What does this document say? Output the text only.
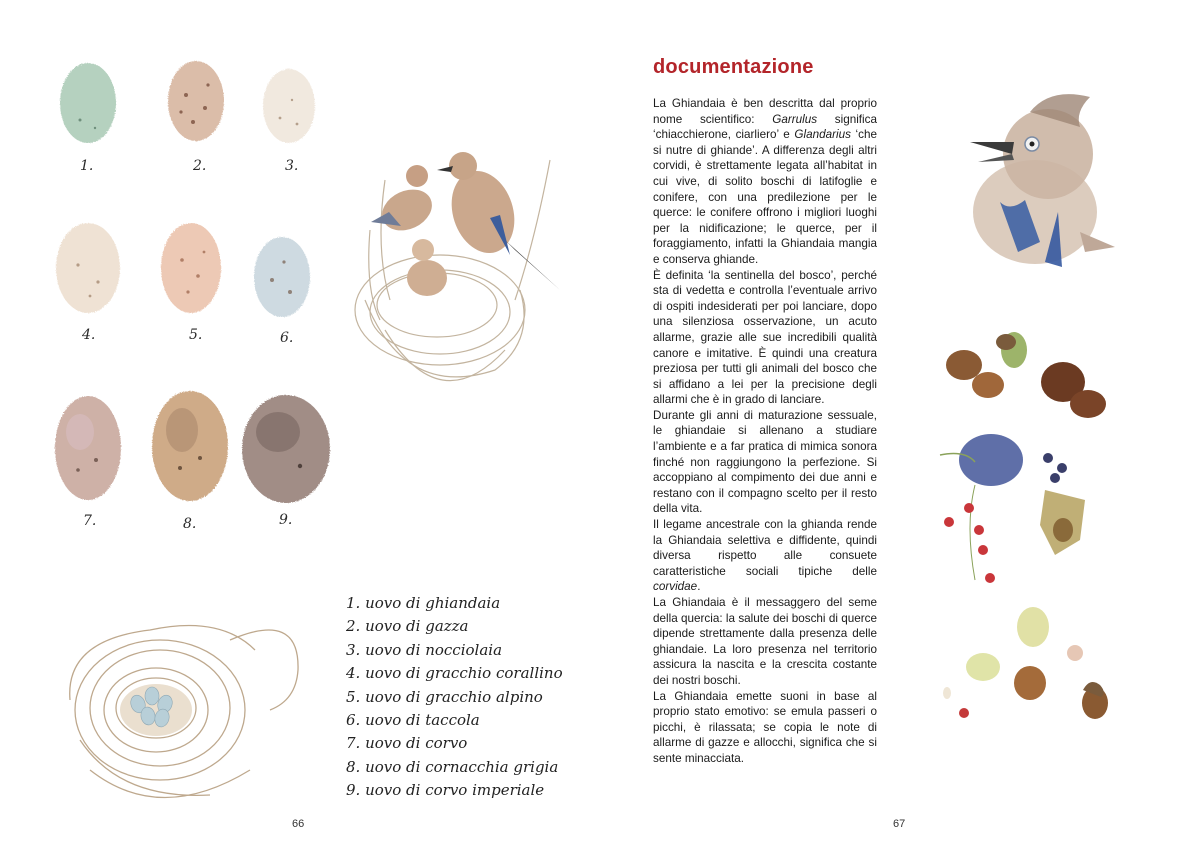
1.	2.	3.
4.	5.	6.
7.	8.	9.
1. uovo di ghiandaia
2. uovo di gazza
3. uovo di nocciolaia
4. uovo di gracchio corallino
5. uovo di gracchio alpino
6. uovo di taccola
7. uovo di corvo
8. uovo di cornacchia grigia
9. uovo di corvo imperiale
66
documentazione

La Ghiandaia è ben descritta dal proprio nome scientifico: Garrulus significa ‘chiacchierone, ciarliero’ e Glandarius ‘che si nutre di ghiande’. A differenza degli altri corvidi, è strettamente legata all’habitat in cui vive, di solito boschi di latifoglie e conifere, con una predilezione per le querce: le conifere offrono i migliori luoghi per la nidificazione; le querce, per il foraggiamento, infatti la Ghiandaia mangia e conserva ghiande.

È definita ‘la sentinella del bosco’, perché sta di vedetta e controlla l’eventuale arrivo di ospiti indesiderati per poi lanciare, dopo una silenziosa osservazione, un acuto allarme, grazie alle sue incredibili qualità canore e imitative. È quindi una creatura preziosa per tutti gli animali del bosco che si affidano a lei per la precisione degli allarmi che è in grado di lanciare.

Durante gli anni di maturazione sessuale, le ghiandaie si allenano a studiare l’ambiente e a far pratica di mimica sonora finché non raggiungono la perfezione. Si accoppiano al compimento dei due anni e restano con il compagno scelto per il resto della vita.

Il legame ancestrale con la ghianda rende la Ghiandaia selettiva e diffidente, quindi diversa rispetto alle consuete caratteristiche sociali tipiche delle corvidae.

La Ghiandaia è il messaggero del seme della quercia: la salute dei boschi di querce dipende strettamente dalla presenza delle ghiandaie. La loro presenza nel territorio assicura la nascita e la crescita costante dei nostri boschi.

La Ghiandaia emette suoni in base al proprio stato emotivo: se emula passeri o picchi, è rilassata; se copia le note di allarme di gazze e allocchi, significa che si sente minacciata.

67
